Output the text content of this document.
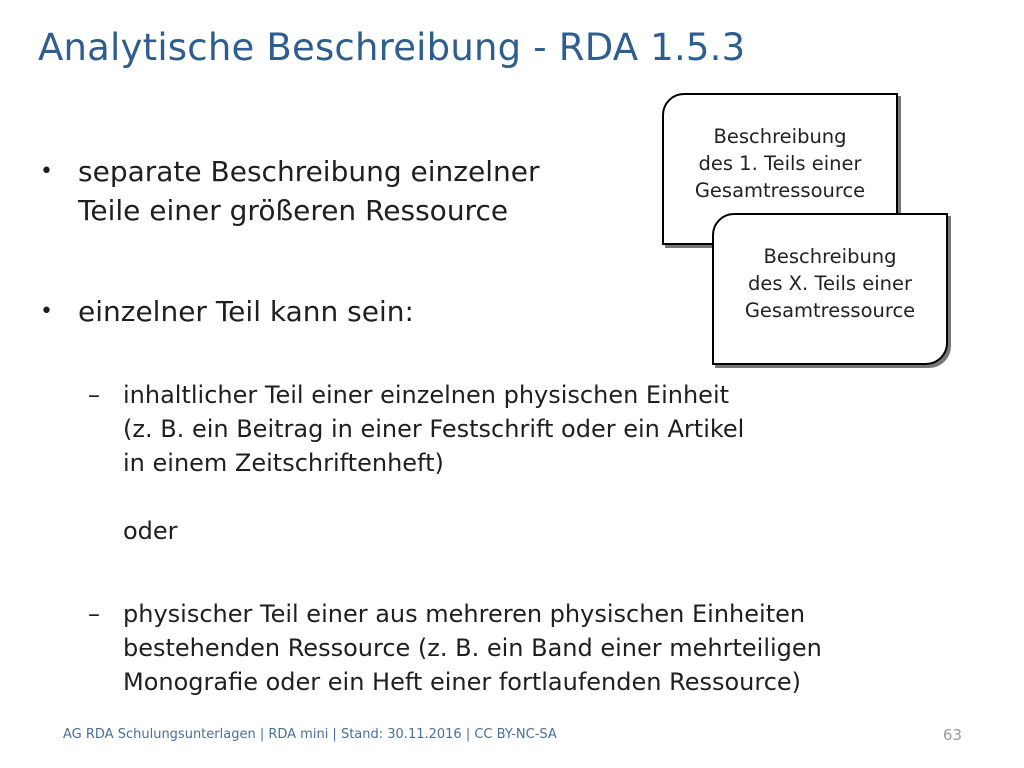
Analytische Beschreibung - RDA 1.5.3
• separate Beschreibung einzelner
Teile einer größeren Ressource
• einzelner Teil kann sein:
– inhaltlicher Teil einer einzelnen physischen Einheit
(z. B. ein Beitrag in einer Festschrift oder ein Artikel
in einem Zeitschriftenheft)
oder
– physischer Teil einer aus mehreren physischen Einheiten
bestehenden Ressource (z. B. ein Band einer mehrteiligen
Monografie oder ein Heft einer fortlaufenden Ressource)
Beschreibung
des 1. Teils einer
Gesamtressource
Beschreibung
des X. Teils einer
Gesamtressource
AG RDA Schulungsunterlagen | RDA mini | Stand: 30.11.2016 | CC BY-NC-SA	63
